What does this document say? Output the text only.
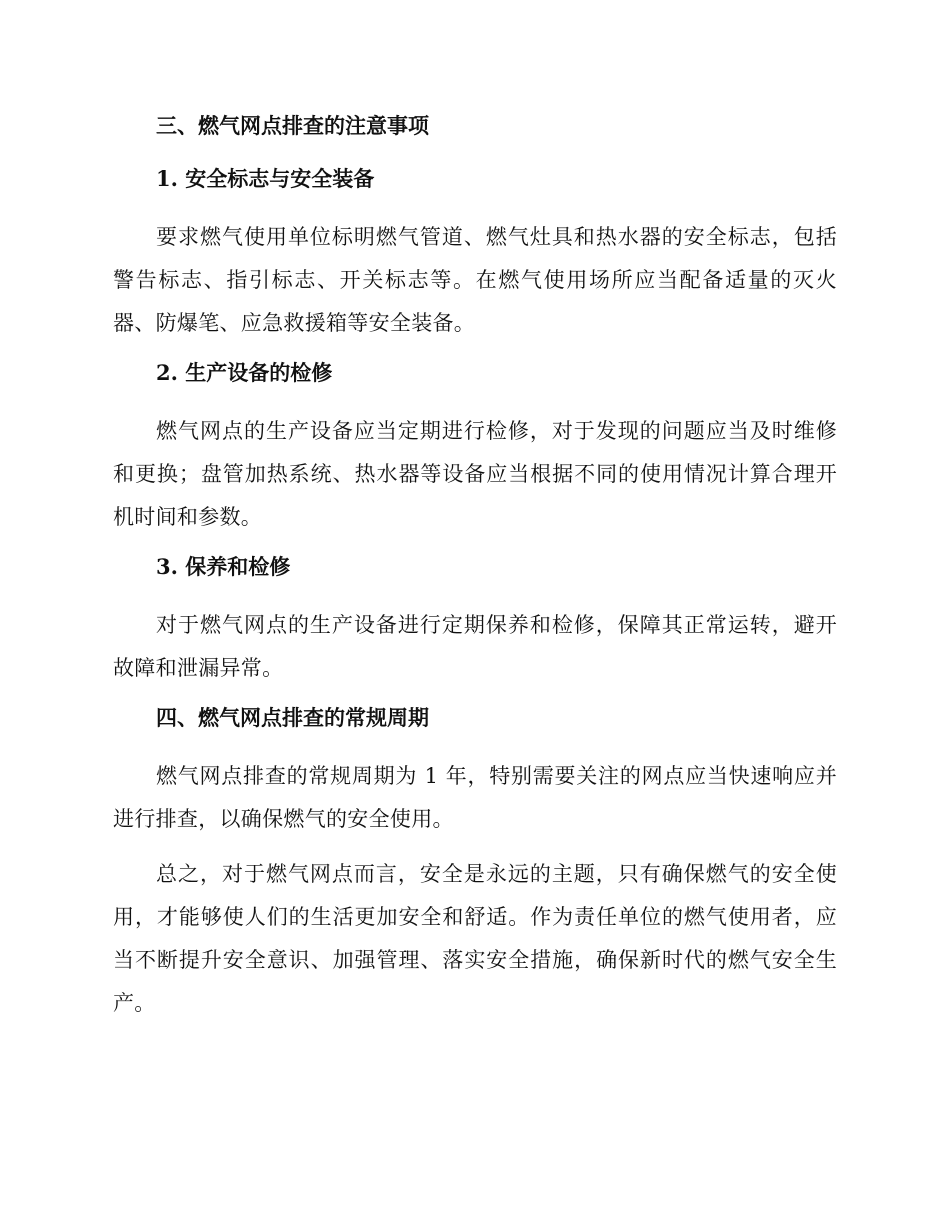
三、燃气网点排查的注意事项
1. 安全标志与安全装备

要求燃气使用单位标明燃气管道、燃气灶具和热水器的安全标志，包括警告标志、指引标志、开关标志等。在燃气使用场所应当配备适量的灭火器、防爆笔、应急救援箱等安全装备。

2. 生产设备的检修

燃气网点的生产设备应当定期进行检修，对于发现的问题应当及时维修和更换；盘管加热系统、热水器等设备应当根据不同的使用情况计算合理开机时间和参数。

3. 保养和检修

对于燃气网点的生产设备进行定期保养和检修，保障其正常运转，避开故障和泄漏异常。

四、燃气网点排查的常规周期

燃气网点排查的常规周期为 1 年，特别需要关注的网点应当快速响应并进行排查，以确保燃气的安全使用。

总之，对于燃气网点而言，安全是永远的主题，只有确保燃气的安全使用，才能够使人们的生活更加安全和舒适。作为责任单位的燃气使用者，应当不断提升安全意识、加强管理、落实安全措施，确保新时代的燃气安全生产。
